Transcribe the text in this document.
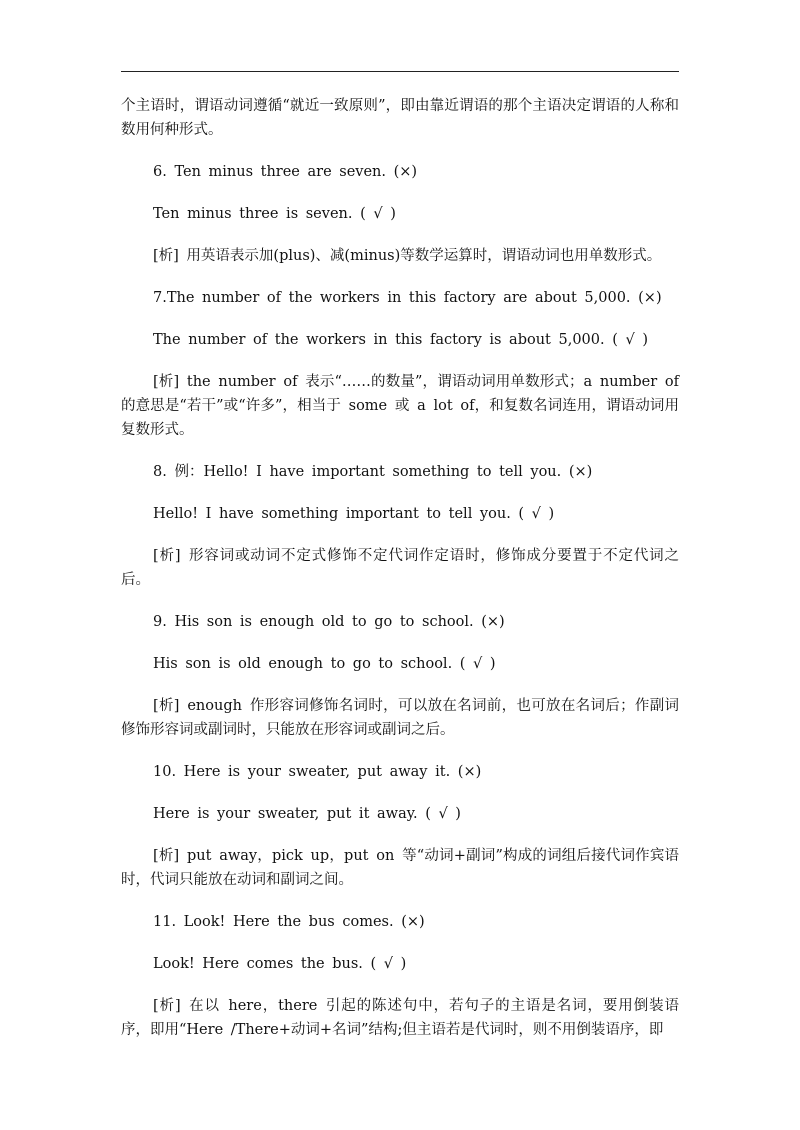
个主语时，谓语动词遵循“就近一致原则”，即由靠近谓语的那个主语决定谓语的人称和数用何种形式。

6. Ten minus three are seven. (×)

Ten minus three is seven. ( √ )

[析] 用英语表示加(plus)、减(minus)等数学运算时，谓语动词也用单数形式。

7.The number of the workers in this factory are about 5,000. (×)

The number of the workers in this factory is about 5,000. ( √ )

[析] the number of 表示“……的数量”，谓语动词用单数形式；a number of 的意思是“若干”或“许多”，相当于 some 或 a lot of，和复数名词连用，谓语动词用复数形式。

8. 例：Hello! I have important something to tell you. (×)

Hello! I have something important to tell you. ( √ )

[析] 形容词或动词不定式修饰不定代词作定语时，修饰成分要置于不定代词之后。

9. His son is enough old to go to school. (×)

His son is old enough to go to school. ( √ )

[析] enough 作形容词修饰名词时，可以放在名词前，也可放在名词后；作副词修饰形容词或副词时，只能放在形容词或副词之后。

10. Here is your sweater, put away it. (×)

Here is your sweater, put it away. ( √ )

[析] put away，pick up，put on 等“动词+副词”构成的词组后接代词作宾语时，代词只能放在动词和副词之间。

11. Look! Here the bus comes. (×)

Look! Here comes the bus. ( √ )

[析] 在以 here，there 引起的陈述句中，若句子的主语是名词，要用倒装语序，即用“Here /There+动词+名词”结构;但主语若是代词时，则不用倒装语序，即
